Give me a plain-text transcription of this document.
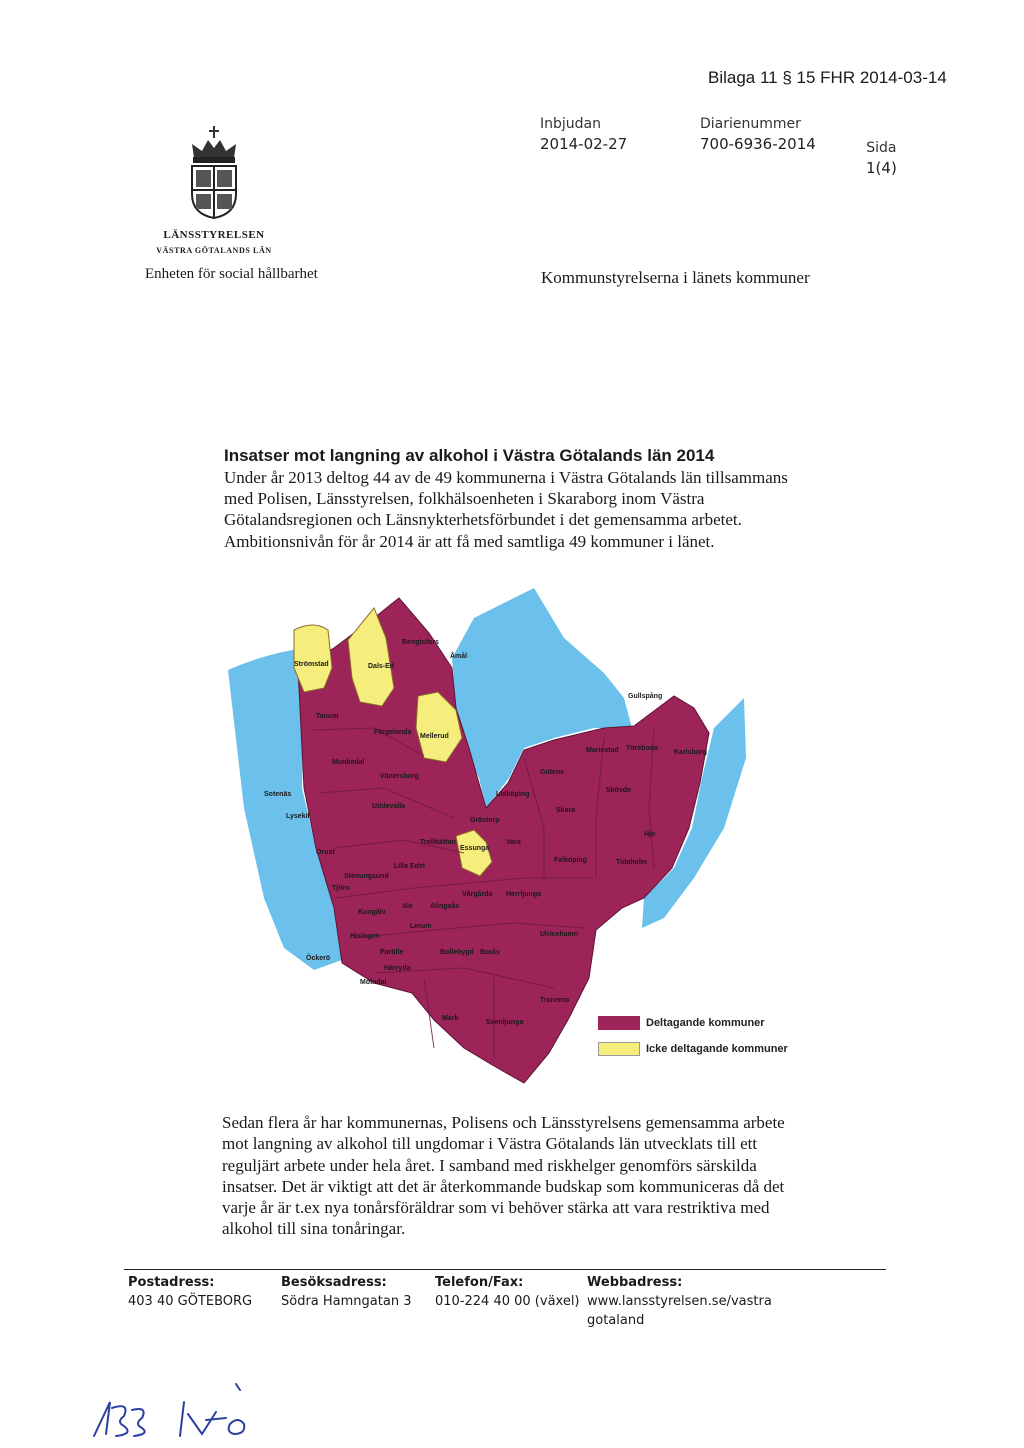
Bilaga 11 § 15 FHR 2014-03-14
LÄNSSTYRELSEN
VÄSTRA GÖTALANDS LÄN
Enheten för social hållbarhet
Inbjudan
2014-02-27
Diarienummer
700-6936-2014	Sida
1(4)
Kommunstyrelserna i länets kommuner
Insatser mot langning av alkohol i Västra Götalands län 2014
Under år 2013 deltog 44 av de 49 kommunerna i Västra Götalands län tillsammans med Polisen, Länsstyrelsen, folkhälsoenheten i Skaraborg inom Västra Götalandsregionen och Länsnykterhetsförbundet i det gemensamma arbetet. Ambitionsnivån för år 2014 är att få med samtliga 49 kommuner i länet.
Bengtsfors
Åmål
Strömstad	Dals-Ed
Tanum
Färgelanda
Mellerud
Munkedal
Vänersborg
Sotenäs
Uddevalla
Lysekil
Lidköping
Grästorp
Orust
Trollhättan
Essunga
Vara
Götene
Mariestad Töreboda
Karlsborg
Gullspång
Skövde
Skara
Hjo
Tidaholm
Falköping
Lilla Edet
Stenungsund
Tjörn
Ale
Kungälv
Alingsås
Vårgårda Herrljunga
Ulricehamn
Hisingen
Lerum
Öckerö
Partille	Bollebygd Borås
Härryda
Mölndal
Tranemo
Mark
Svenljunga	Deltagande kommuner
Icke deltagande kommuner
Sedan flera år har kommunernas, Polisens och Länsstyrelsens gemensamma arbete mot langning av alkohol till ungdomar i Västra Götalands län utvecklats till ett reguljärt arbete under hela året. I samband med riskhelger genomförs särskilda insatser. Det är viktigt att det är återkommande budskap som kommuniceras då det varje år är t.ex nya tonårsföräldrar som vi behöver stärka att vara restriktiva med alkohol till sina tonåringar.
Postadress:
403 40 GÖTEBORG
Besöksadress:
Södra Hamngatan 3
Telefon/Fax:
010-224 40 00 (växel)
Webbadress:
www.lansstyrelsen.se/vastra gotaland
